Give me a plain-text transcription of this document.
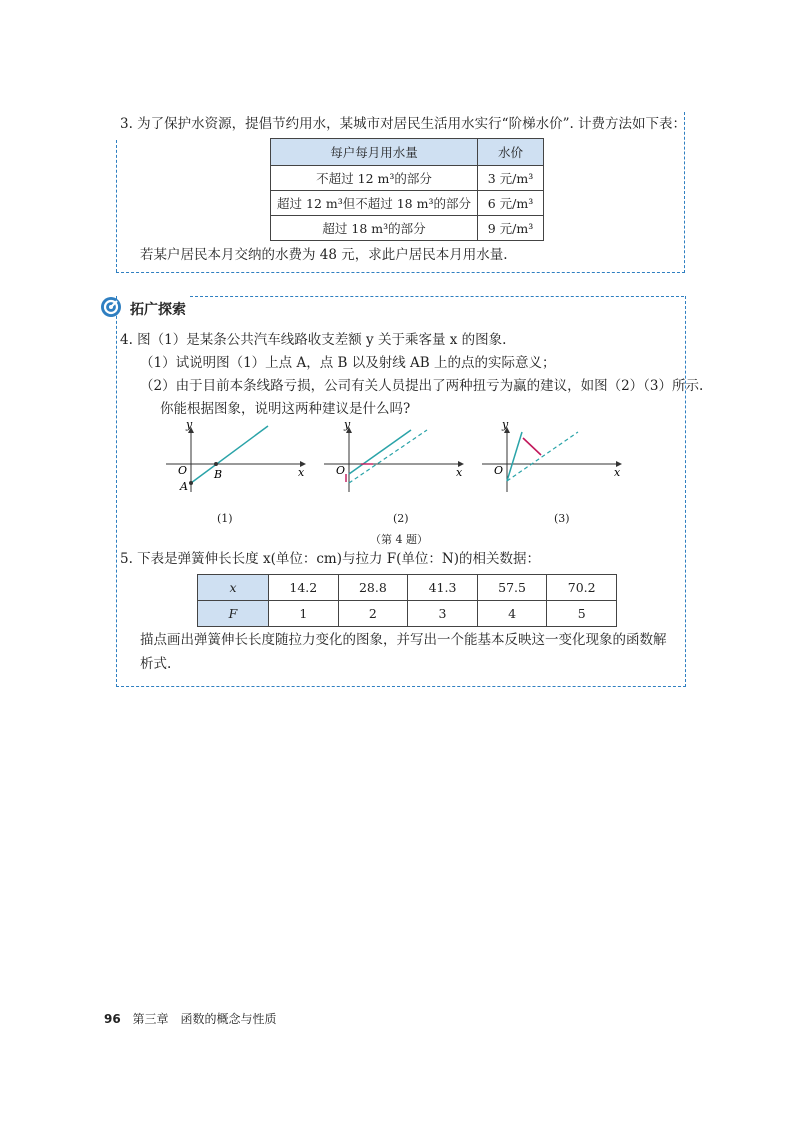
3. 为了保护水资源，提倡节约用水，某城市对居民生活用水实行“阶梯水价”. 计费方法如下表：
每户每月用水量	水价
不超过 12 m³的部分	3 元/m³
超过 12 m³但不超过 18 m³的部分	6 元/m³
超过 18 m³的部分	9 元/m³
若某户居民本月交纳的水费为 48 元，求此户居民本月用水量.
拓广探索
4. 图（1）是某条公共汽车线路收支差额 y 关于乘客量 x 的图象.
（1）试说明图（1）上点 A，点 B 以及射线 AB 上的点的实际意义；
（2）由于目前本条线路亏损，公司有关人员提出了两种扭亏为赢的建议，如图（2）（3）所示.
你能根据图象，说明这两种建议是什么吗?
y
x
O
A
B
y
x
O
y
x
O
(1)	(2)	(3)
（第 4 题）
5. 下表是弹簧伸长长度 x(单位：cm)与拉力 F(单位：N)的相关数据：
x	14.2	28.8	41.3	57.5	70.2
F	1	2	3	4	5
描点画出弹簧伸长长度随拉力变化的图象，并写出一个能基本反映这一变化现象的函数解
析式.
96 第三章　函数的概念与性质
